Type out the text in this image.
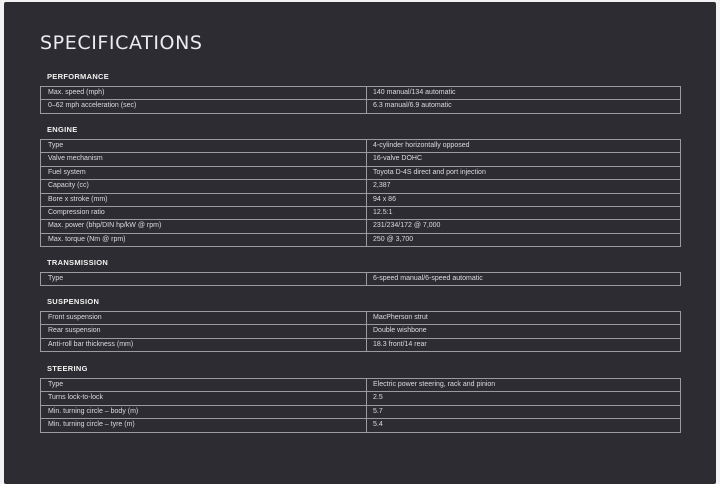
SPECIFICATIONS
PERFORMANCE
Max. speed (mph)	140 manual/134 automatic
0–62 mph acceleration (sec)	6.3 manual/6.9 automatic
ENGINE
Type	4-cylinder horizontally opposed
Valve mechanism	16-valve DOHC
Fuel system	Toyota D-4S direct and port injection
Capacity (cc)	2,387
Bore x stroke (mm)	94 x 86
Compression ratio	12.5:1
Max. power (bhp/DIN hp/kW @ rpm)	231/234/172 @ 7,000
Max. torque (Nm @ rpm)	250 @ 3,700
TRANSMISSION
Type	6-speed manual/6-speed automatic
SUSPENSION
Front suspension	MacPherson strut
Rear suspension	Double wishbone
Anti-roll bar thickness (mm)	18.3 front/14 rear
STEERING
Type	Electric power steering, rack and pinion
Turns lock-to-lock	2.5
Min. turning circle – body (m)	5.7
Min. turning circle – tyre (m)	5.4
